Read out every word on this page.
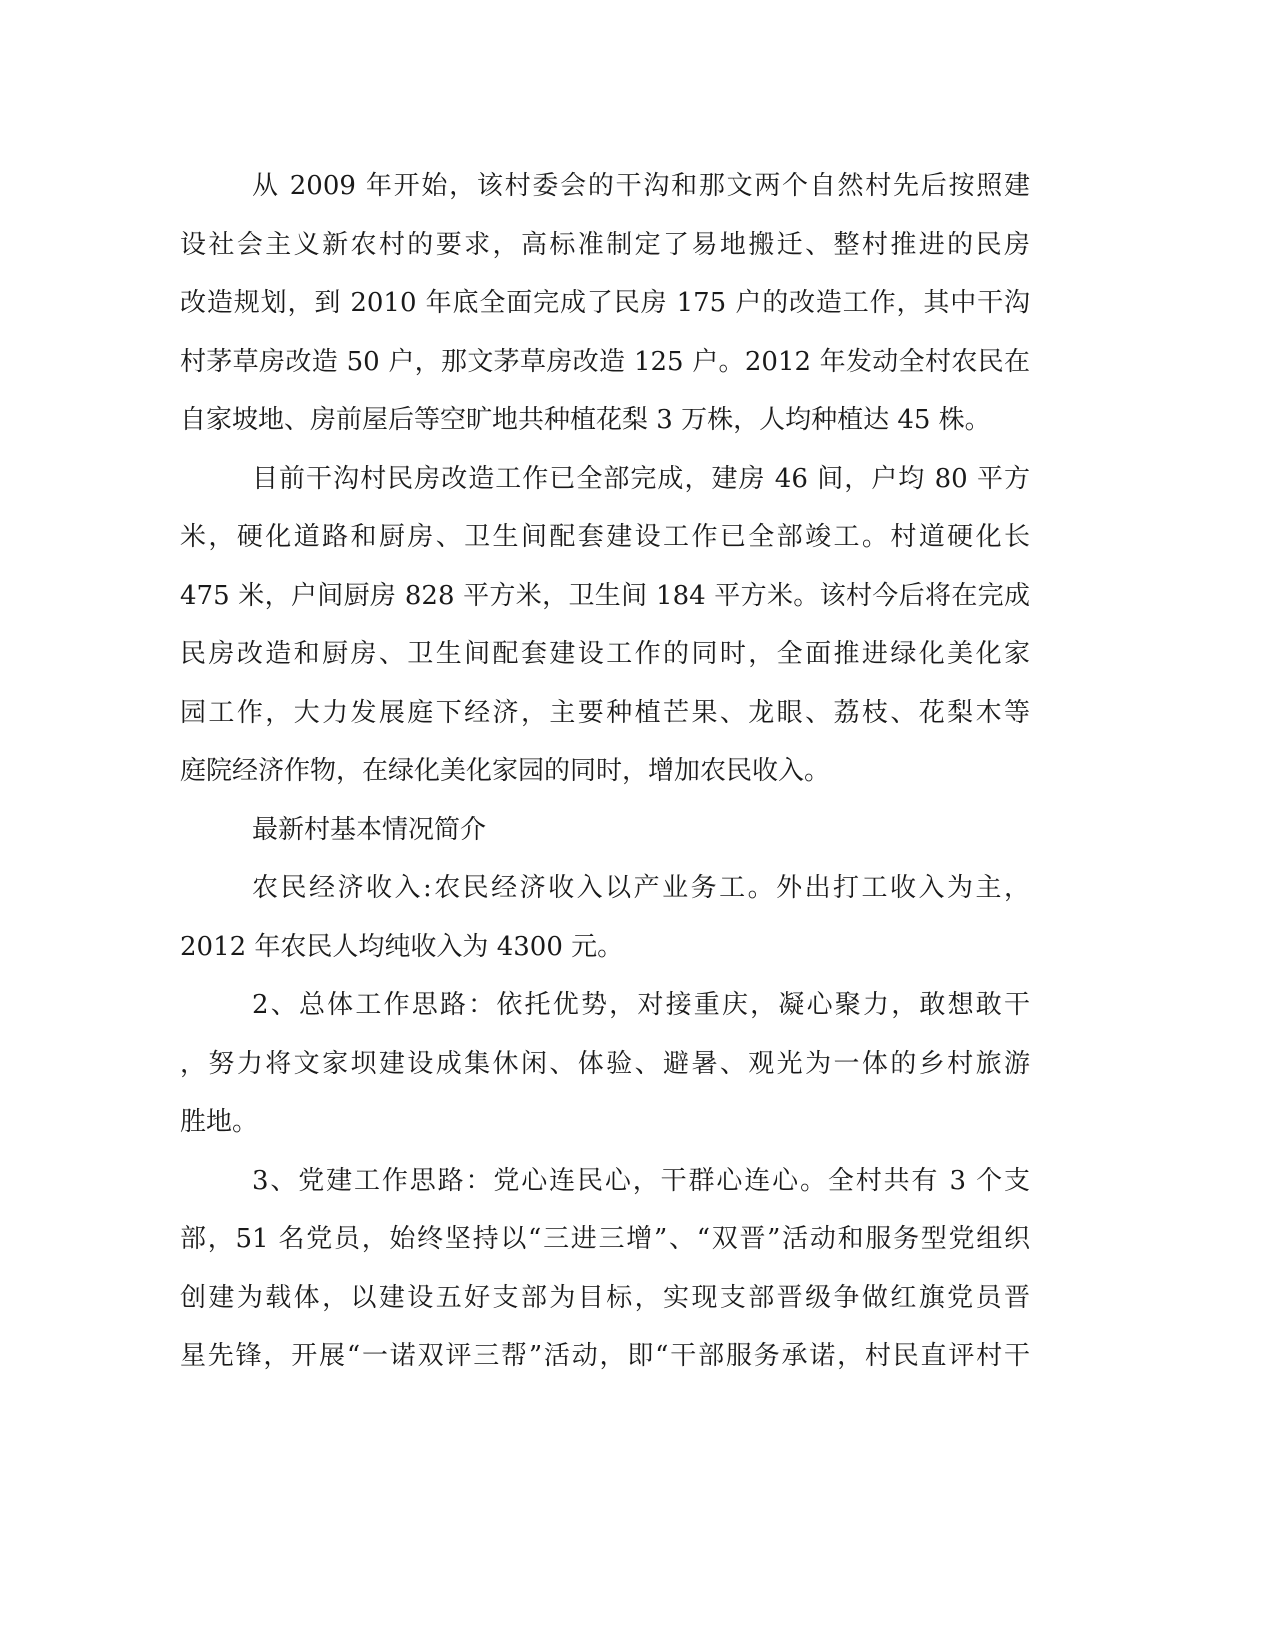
从 2009 年开始，该村委会的干沟和那文两个自然村先后按照建

设社会主义新农村的要求，高标准制定了易地搬迁、整村推进的民房

改造规划，到 2010 年底全面完成了民房 175 户的改造工作，其中干沟

村茅草房改造 50 户，那文茅草房改造 125 户。2012 年发动全村农民在

自家坡地、房前屋后等空旷地共种植花梨 3 万株，人均种植达 45 株。

目前干沟村民房改造工作已全部完成，建房 46 间，户均 80 平方

米，硬化道路和厨房、卫生间配套建设工作已全部竣工。村道硬化长

475 米，户间厨房 828 平方米，卫生间 184 平方米。该村今后将在完成

民房改造和厨房、卫生间配套建设工作的同时，全面推进绿化美化家

园工作，大力发展庭下经济，主要种植芒果、龙眼、荔枝、花梨木等

庭院经济作物，在绿化美化家园的同时，增加农民收入。

最新村基本情况简介

农民经济收入:农民经济收入以产业务工。外出打工收入为主，

2012 年农民人均纯收入为 4300 元。

2、总体工作思路：依托优势，对接重庆，凝心聚力，敢想敢干

，努力将文家坝建设成集休闲、体验、避暑、观光为一体的乡村旅游

胜地。

3、党建工作思路：党心连民心，干群心连心。全村共有 3 个支

部，51 名党员，始终坚持以“三进三增”、“双晋”活动和服务型党组织

创建为载体，以建设五好支部为目标，实现支部晋级争做红旗党员晋

星先锋，开展“一诺双评三帮”活动，即“干部服务承诺，村民直评村干
